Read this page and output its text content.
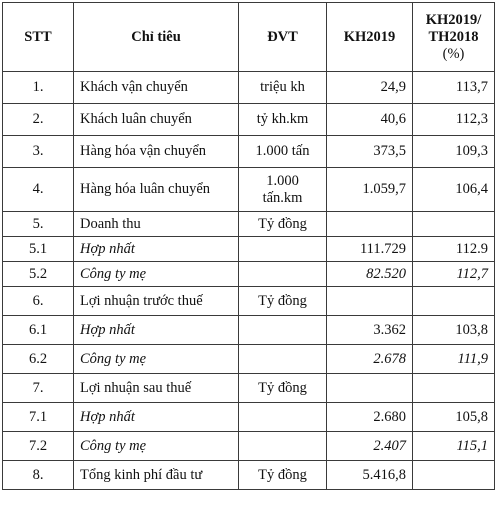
STT	Chỉ tiêu	ĐVT	KH2019	KH2019/
TH2018
(%)

1.	Khách vận chuyển	triệu kh	24,9	113,7
2.	Khách luân chuyển	tỷ kh.km	40,6	112,3
3.	Hàng hóa vận chuyển	1.000 tấn	373,5	109,3
4.	Hàng hóa luân chuyển	1.000
tấn.km	1.059,7	106,4
5.	Doanh thu	Tỷ đồng		
5.1	Hợp nhất		111.729	112.9
5.2	Công ty mẹ		82.520	112,7
6.	Lợi nhuận trước thuế	Tỷ đồng		
6.1	Hợp nhất		3.362	103,8
6.2	Công ty mẹ		2.678	111,9
7.	Lợi nhuận sau thuế	Tỷ đồng		
7.1	Hợp nhất		2.680	105,8
7.2	Công ty mẹ		2.407	115,1
8.	Tổng kinh phí đầu tư	Tỷ đồng	5.416,8	
